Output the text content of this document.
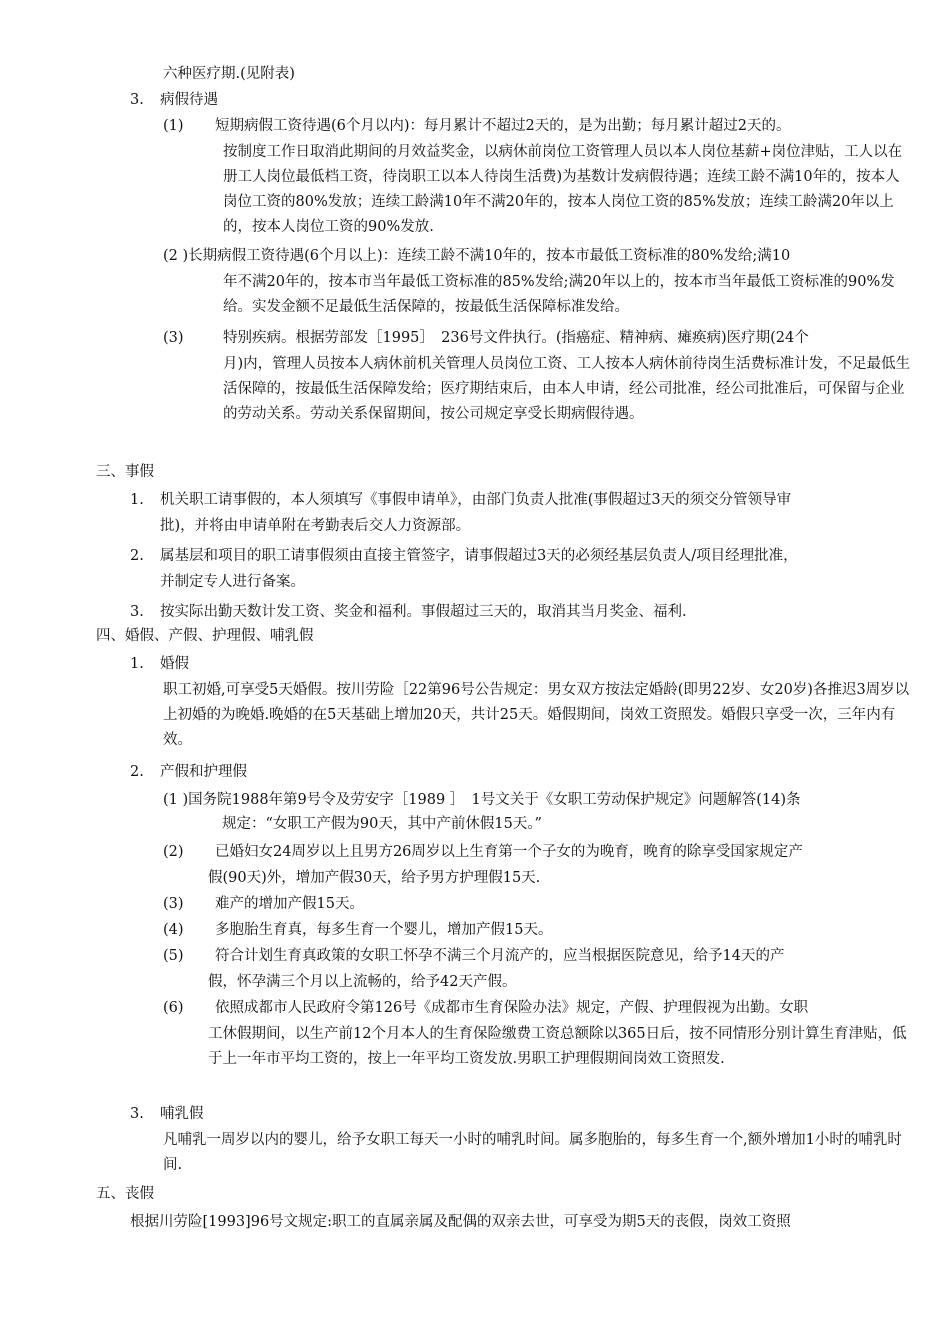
六种医疗期.(见附表)
3. 病假待遇
(1) 短期病假工资待遇(6个月以内)：每月累计不超过2天的，是为出勤；每月累计超过2天的。
按制度工作日取消此期间的月效益奖金，以病休前岗位工资管理人员以本人岗位基薪+岗位津贴，工人以在册工人岗位最低档工资，待岗职工以本人待岗生活费)为基数计发病假待遇；连续工龄不满10年的，按本人岗位工资的80%发放；连续工龄满10年不满20年的，按本人岗位工资的85%发放；连续工龄满20年以上的，按本人岗位工资的90%发放.
(2 )长期病假工资待遇(6个月以上)：连续工龄不满10年的，按本市最低工资标准的80%发给;满10
年不满20年的，按本市当年最低工资标准的85%发给;满20年以上的，按本市当年最低工资标准的90%发给。实发金额不足最低生活保障的，按最低生活保障标准发给。
(3)	特别疾病。根据劳部发［1995］　236号文件执行。(指癌症、精神病、瘫痪病)医疗期(24个
月)内，管理人员按本人病休前机关管理人员岗位工资、工人按本人病休前待岗生活费标准计发，不足最低生活保障的，按最低生活保障发给；医疗期结束后，由本人申请，经公司批准，经公司批准后，可保留与企业的劳动关系。劳动关系保留期间，按公司规定享受长期病假待遇。
三、事假
1. 机关职工请事假的，本人须填写《事假申请单》，由部门负责人批准(事假超过3天的须交分管领导审
批)，并将由申请单附在考勤表后交人力资源部。
2. 属基层和项目的职工请事假须由直接主管签字，请事假超过3天的必须经基层负责人/项目经理批准，
并制定专人进行备案。
3. 按实际出勤天数计发工资、奖金和福利。事假超过三天的，取消其当月奖金、福利.
四、婚假、产假、护理假、哺乳假
1. 婚假
职工初婚,可享受5天婚假。按川劳险［22第96号公告规定：男女双方按法定婚龄(即男22岁、女20岁)各推迟3周岁以上初婚的为晚婚.晚婚的在5天基础上增加20天，共计25天。婚假期间，岗效工资照发。婚假只享受一次，三年内有效。
2. 产假和护理假
(1 )国务院1988年第9号令及劳安字［1989 ］　1号文关于《女职工劳动保护规定》问题解答(14)条
规定：“女职工产假为90天，其中产前休假15天。”
(2) 已婚妇女24周岁以上且男方26周岁以上生育第一个子女的为晚育，晚育的除享受国家规定产
假(90天)外，增加产假30天，给予男方护理假15天.
(3) 难产的增加产假15天。
(4) 多胞胎生育真，每多生育一个婴儿，增加产假15天。
(5) 符合计划生育真政策的女职工怀孕不满三个月流产的，应当根据医院意见，给予14天的产
假，怀孕满三个月以上流畅的，给予42天产假。
(6) 依照成都市人民政府令第126号《成都市生育保险办法》规定，产假、护理假视为出勤。女职
工休假期间，以生产前12个月本人的生育保险缴费工资总额除以365日后，按不同情形分别计算生育津贴，低于上一年市平均工资的，按上一年平均工资发放.男职工护理假期间岗效工资照发.
3. 哺乳假
凡哺乳一周岁以内的婴儿，给予女职工每天一小时的哺乳时间。属多胞胎的，每多生育一个,额外增加1小时的哺乳时间.
五、丧假
根据川劳险[1993]96号文规定:职工的直属亲属及配偶的双亲去世，可享受为期5天的丧假，岗效工资照
